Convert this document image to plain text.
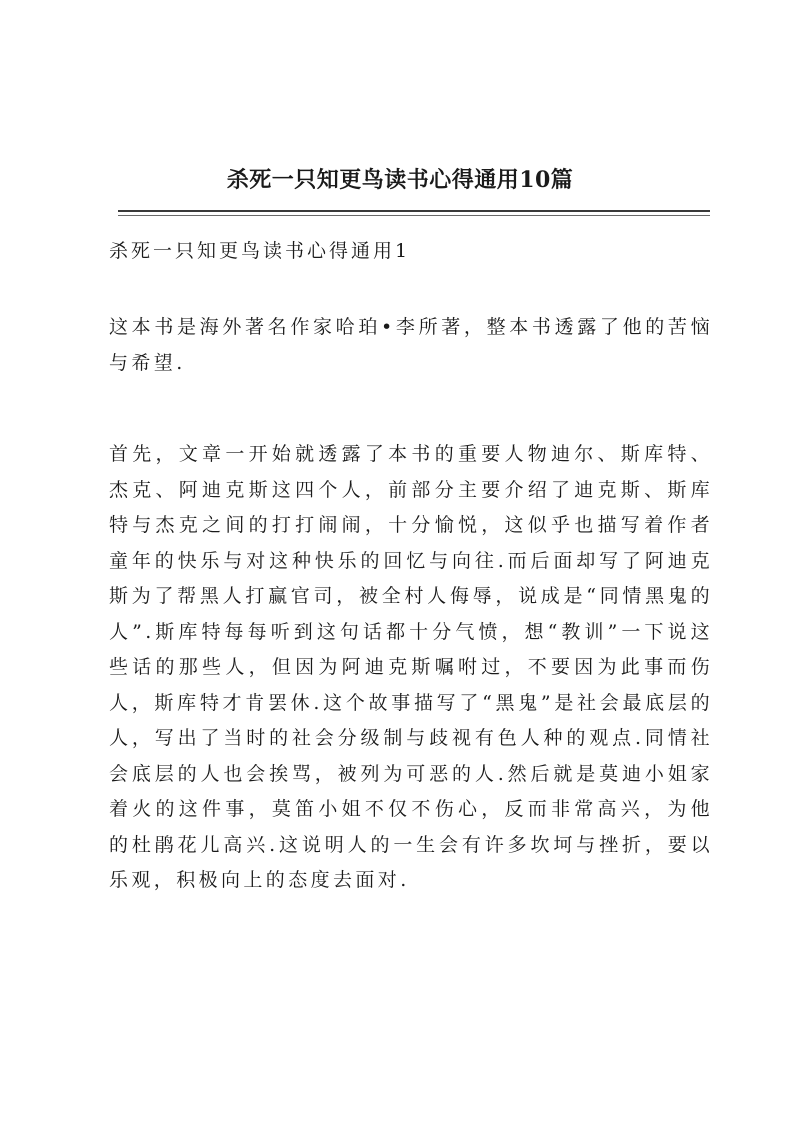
杀死一只知更鸟读书心得通用10篇
杀死一只知更鸟读书心得通用1

这本书是海外著名作家哈珀•李所著，整本书透露了他的苦恼与希望.

首先，文章一开始就透露了本书的重要人物迪尔、斯库特、杰克、阿迪克斯这四个人，前部分主要介绍了迪克斯、斯库特与杰克之间的打打闹闹，十分愉悦，这似乎也描写着作者童年的快乐与对这种快乐的回忆与向往.而后面却写了阿迪克斯为了帮黑人打赢官司，被全村人侮辱，说成是“同情黑鬼的人”.斯库特每每听到这句话都十分气愤，想“教训”一下说这些话的那些人，但因为阿迪克斯嘱咐过，不要因为此事而伤人，斯库特才肯罢休.这个故事描写了“黑鬼”是社会最底层的人，写出了当时的社会分级制与歧视有色人种的观点.同情社会底层的人也会挨骂，被列为可恶的人.然后就是莫迪小姐家着火的这件事，莫笛小姐不仅不伤心，反而非常高兴，为他的杜鹃花儿高兴.这说明人的一生会有许多坎坷与挫折，要以乐观，积极向上的态度去面对.
